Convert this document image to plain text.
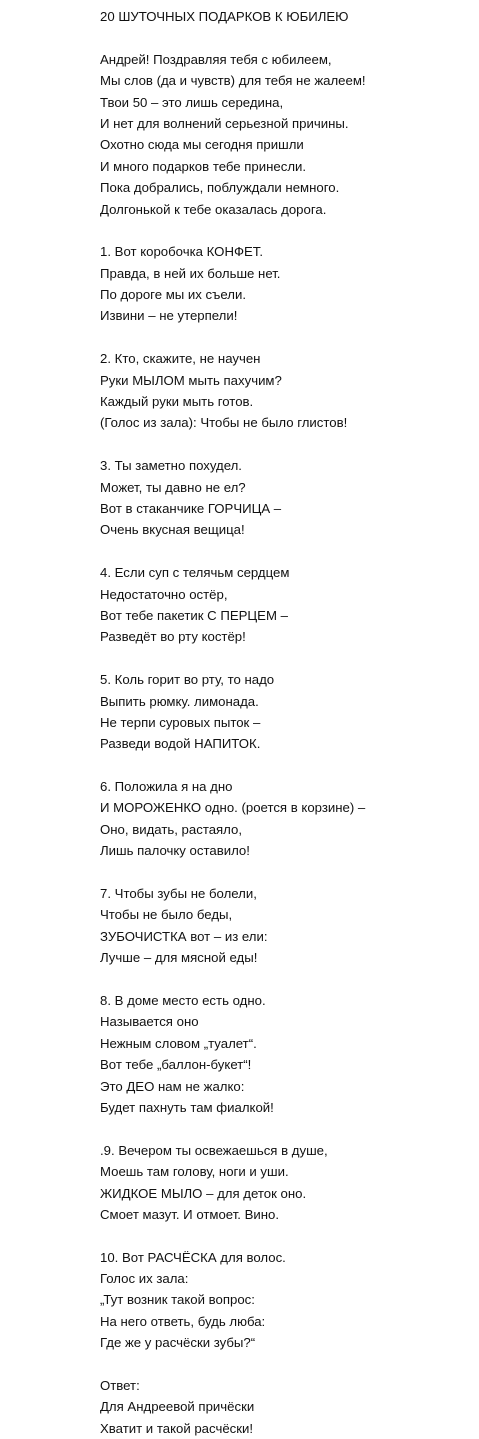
20 ШУТОЧНЫХ ПОДАРКОВ К ЮБИЛЕЮ
Андрей! Поздравляя тебя с юбилеем,
Мы слов (да и чувств) для тебя не жалеем!
Твои 50 – это лишь середина,
И нет для волнений серьезной причины.
Охотно сюда мы сегодня пришли
И много подарков тебе принесли.
Пока добрались, поблуждали немного.
Долгонькой к тебе оказалась дорога.
1. Вот коробочка КОНФЕТ.
Правда, в ней их больше нет.
По дороге мы их съели.
Извини – не утерпели!
2. Кто, скажите, не научен
Руки МЫЛОМ мыть пахучим?
Каждый руки мыть готов.
(Голос из зала): Чтобы не было глистов!
3. Ты заметно похудел.
Может, ты давно не ел?
Вот в стаканчике ГОРЧИЦА –
Очень вкусная вещица!
4. Если суп с телячьм сердцем
Недостаточно остёр,
Вот тебе пакетик С ПЕРЦЕМ –
Разведёт во рту костёр!
5. Коль горит во рту, то надо
Выпить рюмку. лимонада.
Не терпи суровых пыток –
Разведи водой НАПИТОК.
6. Положила я на дно
И МОРОЖЕНКО одно. (роется в корзине) –
Оно, видать, растаяло,
Лишь палочку оставило!
7. Чтобы зубы не болели,
Чтобы не было беды,
ЗУБОЧИСТКА вот – из ели:
Лучше – для мясной еды!
8. В доме место есть одно.
Называется оно
Нежным словом „туалет“.
Вот тебе „баллон-букет“!
Это ДЕО нам не жалко:
Будет пахнуть там фиалкой!
.9. Вечером ты освежаешься в душе,
Моешь там голову, ноги и уши.
ЖИДКОЕ МЫЛО – для деток оно.
Смоет мазут. И отмоет. Вино.
10. Вот РАСЧЁСКА для волос.
Голос их зала:
„Тут возник такой вопрос:
На него ответь, будь люба:
Где же у расчёски зубы?“
Ответ:
Для Андреевой причёски
Хватит и такой расчёски!
